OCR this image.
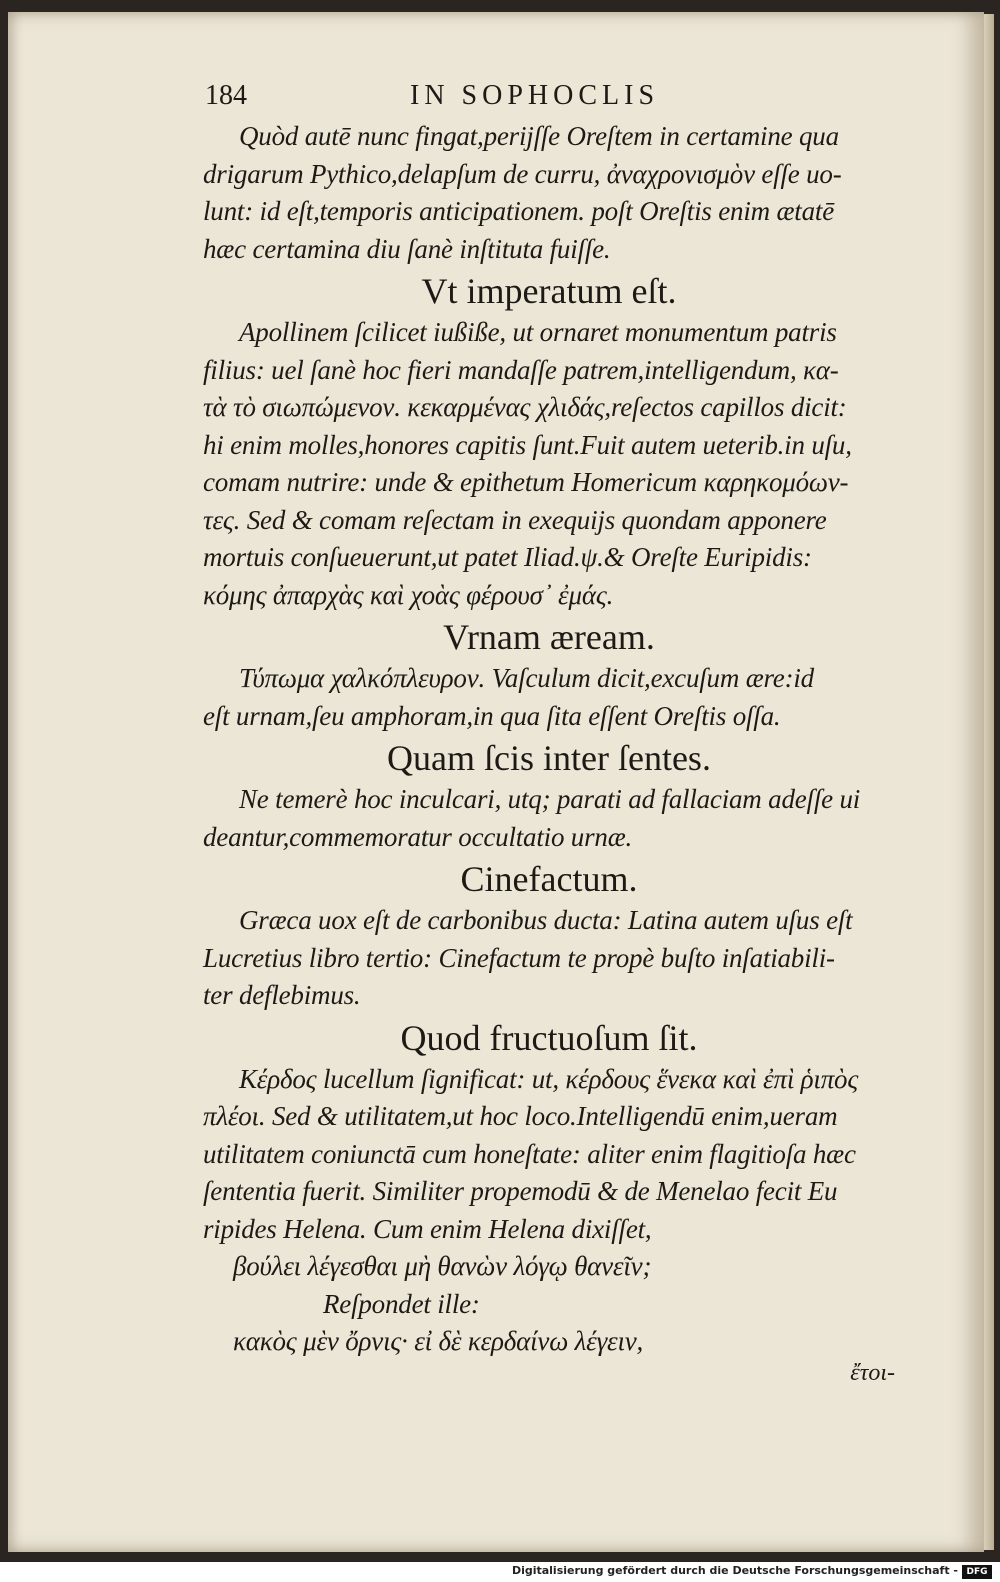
184	IN SOPHOCLIS
Quòd autē nunc fingat,perijſſe Oreſtem in certamine qua
drigarum Pythico,delapſum de curru, ἀναχρονισμὸν eſſe uo-
lunt: id eſt,temporis anticipationem. poſt Oreſtis enim ætatē
hæc certamina diu ſanè inſtituta fuiſſe.
Vt imperatum eſt.
Apollinem ſcilicet iußiße, ut ornaret monumentum patris
filius: uel ſanè hoc fieri mandaſſe patrem,intelligendum, κα-
τὰ τὸ σιωπώμενον. κεκαρμένας χλιδάς,reſectos capillos dicit:
hi enim molles,honores capitis ſunt.Fuit autem ueterib.in uſu,
comam nutrire: unde & epithetum Homericum καρηκομόων-
τες. Sed & comam reſectam in exequijs quondam apponere
mortuis conſueuerunt,ut patet Iliad.ψ.& Oreſte Euripidis:
κόμης ἀπαρχὰς καὶ χοὰς φέρουσ᾽ ἐμάς.
Vrnam æream.
Τύπωμα χαλκόπλευρον. Vaſculum dicit,excuſum ære:id
eſt urnam,ſeu amphoram,in qua ſita eſſent Oreſtis oſſa.
Quam ſcis inter ſentes.
Ne temerè hoc inculcari, utq; parati ad fallaciam adeſſe ui
deantur,commemoratur occultatio urnæ.
Cinefactum.
Græca uox eſt de carbonibus ducta: Latina autem uſus eſt
Lucretius libro tertio: Cinefactum te propè buſto inſatiabili-
ter deflebimus.
Quod fructuoſum ſit.
Κέρδος lucellum ſignificat: ut, κέρδους ἕνεκα καὶ ἐπὶ ῥιπὸς
πλέοι. Sed & utilitatem,ut hoc loco.Intelligendū enim,ueram
utilitatem coniunctā cum honeſtate: aliter enim flagitioſa hæc
ſententia fuerit. Similiter propemodū & de Menelao fecit Eu
ripides Helena. Cum enim Helena dixiſſet,
βούλει λέγεσθαι μὴ θανὼν λόγῳ θανεῖν;
Reſpondet ille:
κακὸς μὲν ὄρνις· εἰ δὲ κερδαίνω λέγειν,
ἔτοι-
Digitalisierung gefördert durch die Deutsche Forschungsgemeinschaft - DFG
